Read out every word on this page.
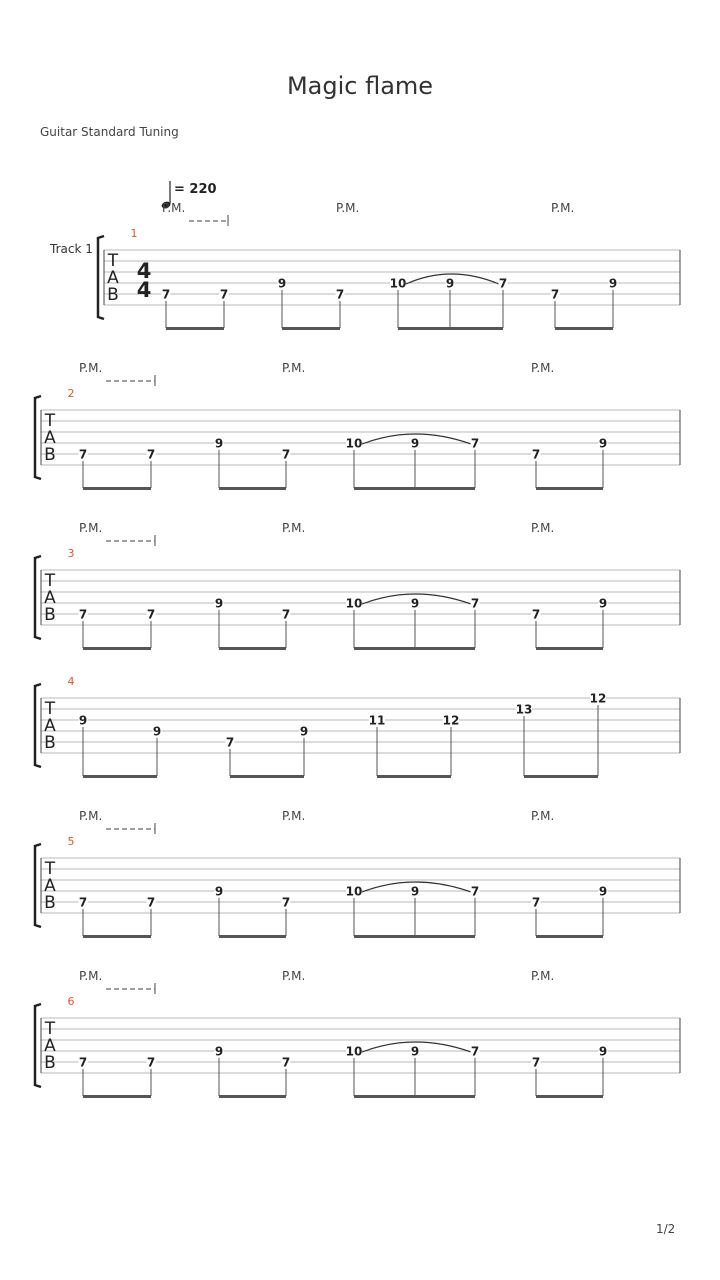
Magic flame
Guitar Standard Tuning
T
A
B
1
Track 1
4
4
= 220
P.M.	P.M.	P.M.
7	7
9
7
10	9	7
7
9
T
A
B
2
P.M.	P.M.	P.M.
7	7
9
7
10	9	7
7
9
T
A
B
3
P.M.	P.M.	P.M.
7	7
9
7
10	9	7
7
9
T
A
B
4
9
9
7
9
11	12
13
12
T
A
B
5
P.M.	P.M.	P.M.
7	7
9
7
10	9	7
7
9
T
A
B
6
P.M.	P.M.	P.M.
7	7
9
7
10	9	7
7
9
1/2
